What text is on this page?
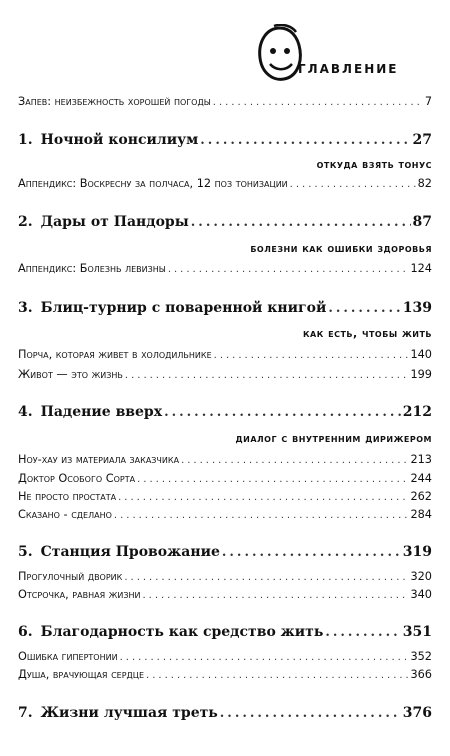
главление
Запев: неизбежность хорошей погоды .....	7
1. Ночной консилиум .....	27
откуда взять тонус
Аппендикс: Воскресну за полчаса, 12 поз тонизации .....	82
2. Дары от Пандоры .....	87
болезни как ошибки здоровья
Аппендикс: Болезнь левизны .....	124
3. Блиц-турнир с поваренной книгой .....	139
как есть, чтобы жить
Порча, которая живет в холодильнике .....	140
Живот — это жизнь .....	199
4. Падение вверх .....	212
диалог с внутренним дирижером
Ноу-хау из материала заказчика .....	213
Доктор Особого Сорта .....	244
Не просто простата .....	262
Сказано - сделано .....	284
5. Станция Провожание .....	319
Прогулочный дворик .....	320
Отсрочка, равная жизни .....	340
6. Благодарность как средство жить .....	351
Ошибка гипертонии .....	352
Душа, врачующая сердце .....	366
7. Жизни лучшая треть .....	376
